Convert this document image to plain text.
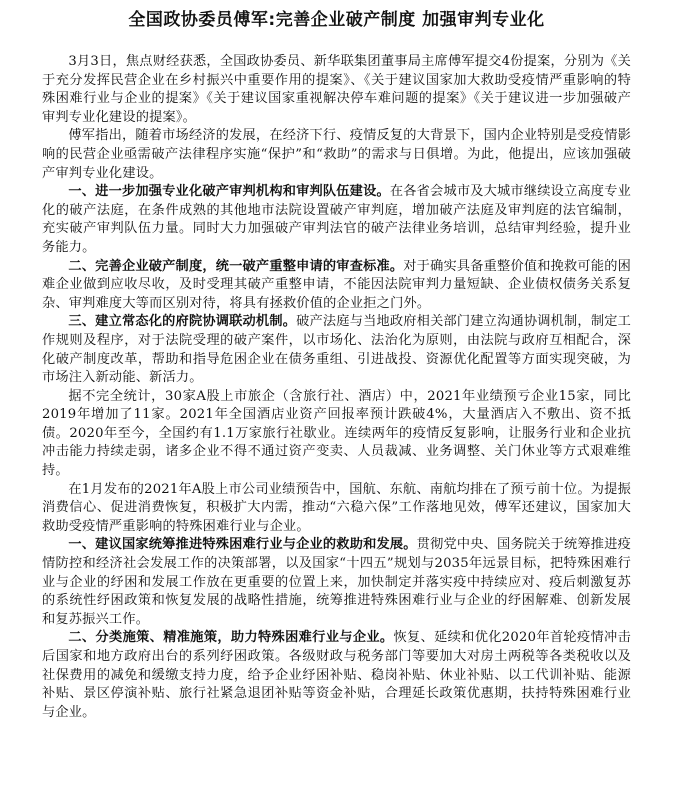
全国政协委员傅军:完善企业破产制度 加强审判专业化

3月3日，焦点财经获悉，全国政协委员、新华联集团董事局主席傅军提交4份提案，分别为《关于充分发挥民营企业在乡村振兴中重要作用的提案》、《关于建议国家加大救助受疫情严重影响的特殊困难行业与企业的提案》《关于建议国家重视解决停车难问题的提案》《关于建议进一步加强破产审判专业化建设的提案》。

傅军指出，随着市场经济的发展，在经济下行、疫情反复的大背景下，国内企业特别是受疫情影响的民营企业亟需破产法律程序实施“保护”和“救助”的需求与日俱增。为此，他提出，应该加强破产审判专业化建设。

一、进一步加强专业化破产审判机构和审判队伍建设。在各省会城市及大城市继续设立高度专业化的破产法庭，在条件成熟的其他地市法院设置破产审判庭，增加破产法庭及审判庭的法官编制，充实破产审判队伍力量。同时大力加强破产审判法官的破产法律业务培训，总结审判经验，提升业务能力。

二、完善企业破产制度，统一破产重整申请的审查标准。对于确实具备重整价值和挽救可能的困难企业做到应收尽收，及时受理其破产重整申请，不能因法院审判力量短缺、企业债权债务关系复杂、审判难度大等而区别对待，将具有拯救价值的企业拒之门外。

三、建立常态化的府院协调联动机制。破产法庭与当地政府相关部门建立沟通协调机制，制定工作规则及程序，对于法院受理的破产案件，以市场化、法治化为原则，由法院与政府互相配合，深化破产制度改革，帮助和指导危困企业在债务重组、引进战投、资源优化配置等方面实现突破，为市场注入新动能、新活力。

据不完全统计，30家A股上市旅企（含旅行社、酒店）中，2021年业绩预亏企业15家，同比2019年增加了11家。2021年全国酒店业资产回报率预计跌破4%，大量酒店入不敷出、资不抵债。2020年至今，全国约有1.1万家旅行社歇业。连续两年的疫情反复影响，让服务行业和企业抗冲击能力持续走弱，诸多企业不得不通过资产变卖、人员裁减、业务调整、关门休业等方式艰难维持。

在1月发布的2021年A股上市公司业绩预告中，国航、东航、南航均排在了预亏前十位。为提振消费信心、促进消费恢复，积极扩大内需，推动“六稳六保”工作落地见效，傅军还建议，国家加大救助受疫情严重影响的特殊困难行业与企业。

一、建议国家统筹推进特殊困难行业与企业的救助和发展。贯彻党中央、国务院关于统筹推进疫情防控和经济社会发展工作的决策部署，以及国家“十四五”规划与2035年远景目标，把特殊困难行业与企业的纾困和发展工作放在更重要的位置上来，加快制定并落实疫中持续应对、疫后刺激复苏的系统性纾困政策和恢复发展的战略性措施，统筹推进特殊困难行业与企业的纾困解难、创新发展和复苏振兴工作。

二、分类施策、精准施策，助力特殊困难行业与企业。恢复、延续和优化2020年首轮疫情冲击后国家和地方政府出台的系列纾困政策。各级财政与税务部门等要加大对房土两税等各类税收以及社保费用的减免和缓缴支持力度，给予企业纾困补贴、稳岗补贴、休业补贴、以工代训补贴、能源补贴、景区停演补贴、旅行社紧急退团补贴等资金补贴，合理延长政策优惠期，扶持特殊困难行业与企业。
